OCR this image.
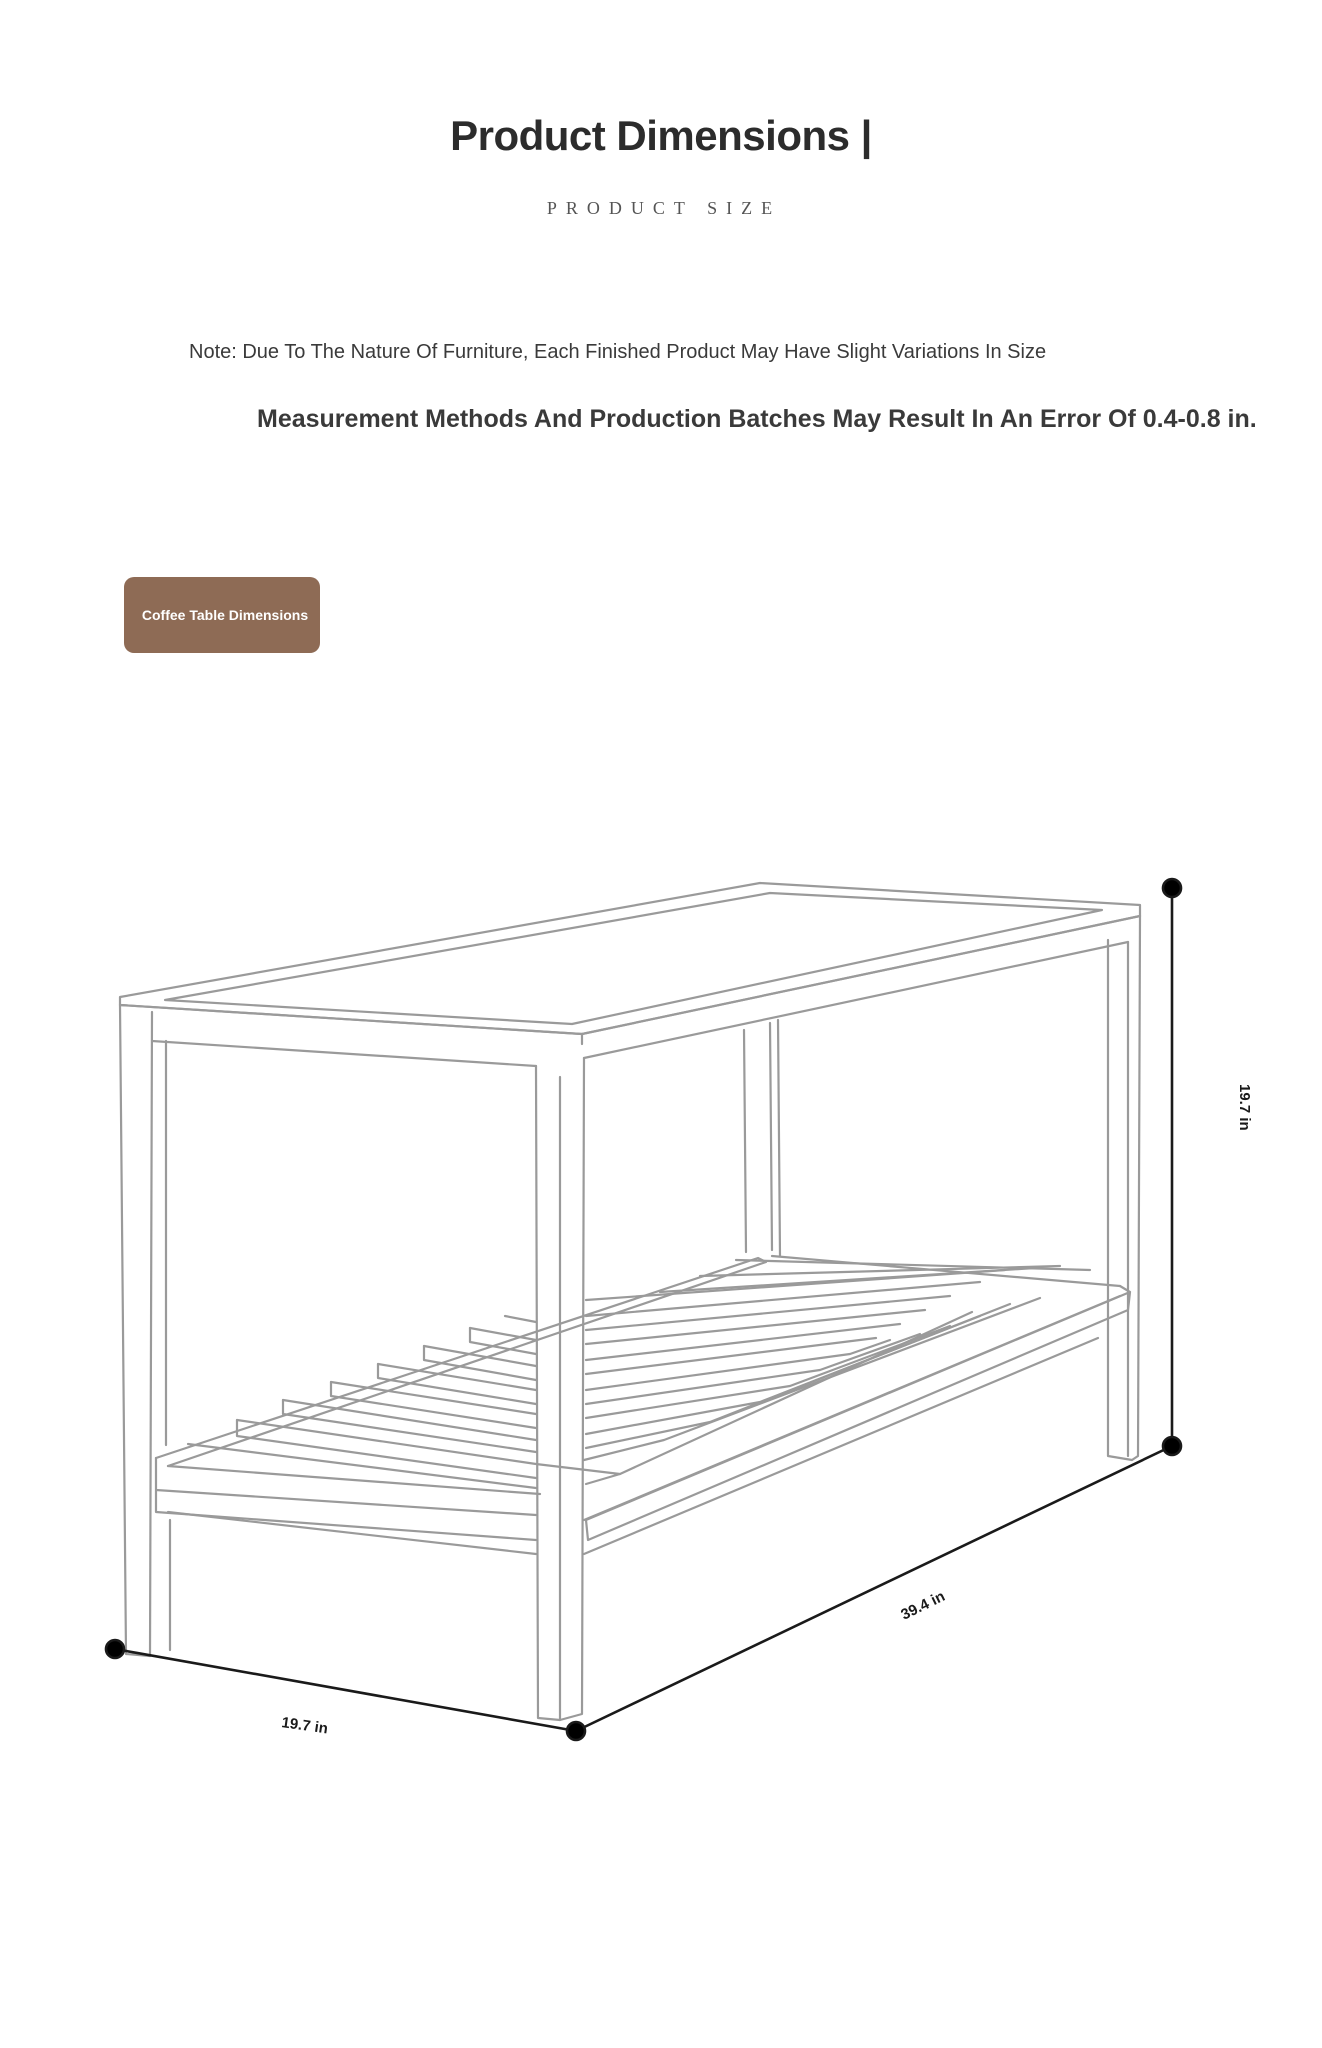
Product Dimensions |
PRODUCT SIZE
Note: Due To The Nature Of Furniture, Each Finished Product May Have Slight Variations In Size
Measurement Methods And Production Batches May Result In An Error Of 0.4-0.8 in.
Coffee Table Dimensions
19.7 in
39.4 in
19.7 in
